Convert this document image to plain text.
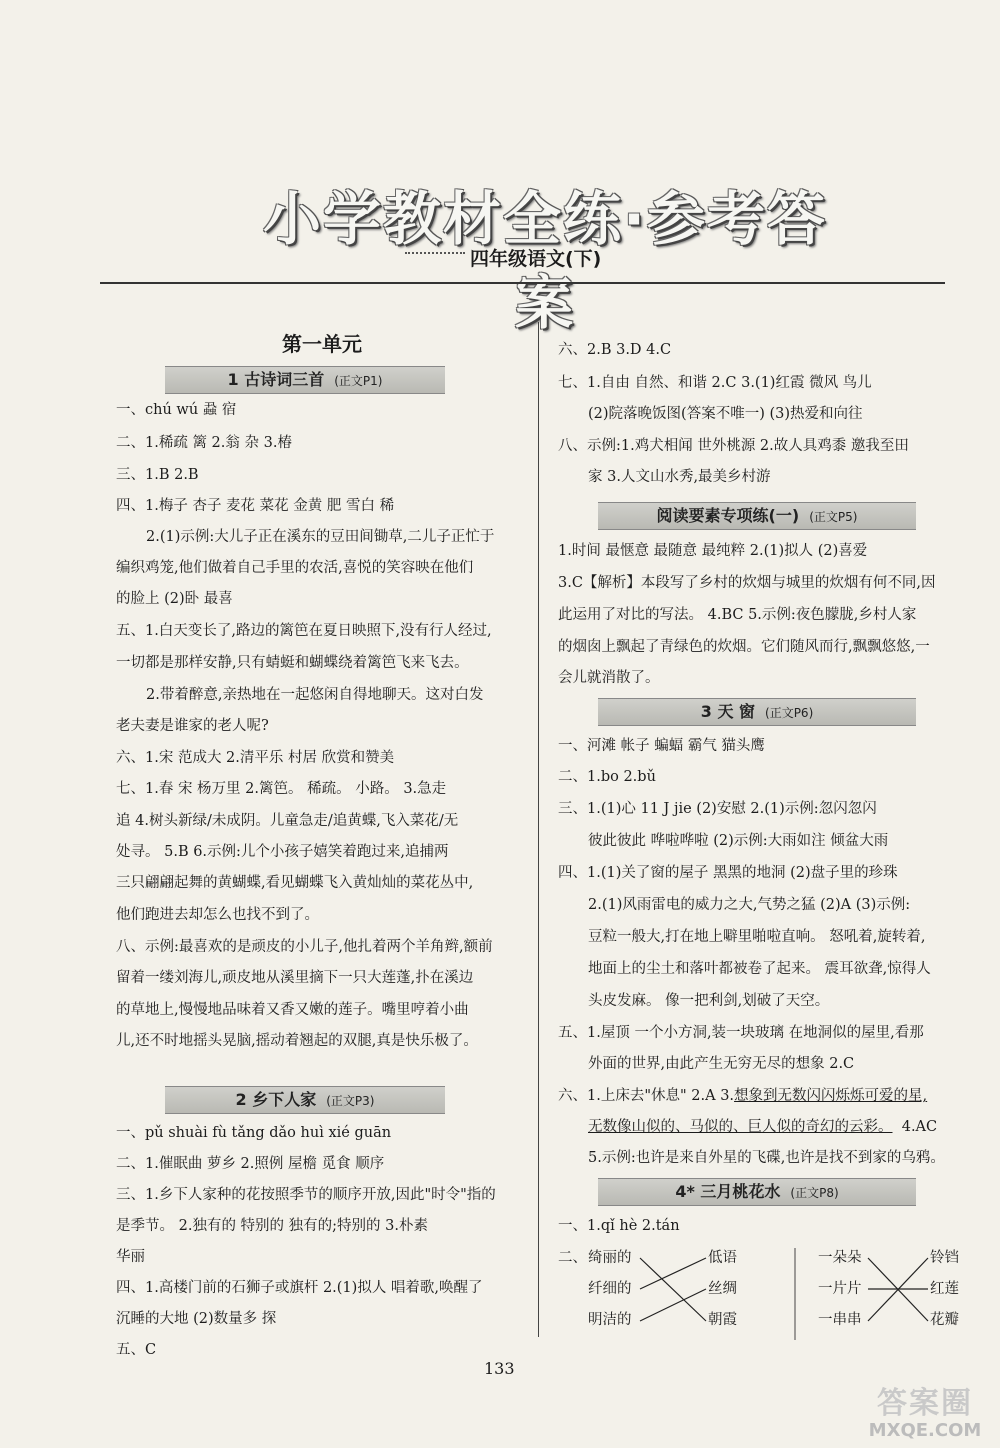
小学教材全练·参考答案
四年级语文(下)
第一单元
1 古诗词三首 (正文P1)
2 乡下人家 (正文P3)
阅读要素专项练(一) (正文P5)
3 天 窗 (正文P6)
4* 三月桃花水 (正文P8)
一、chú wú 蝨 宿
二、1.稀疏 篱 2.翁 杂 3.椿
三、1.B 2.B
四、1.梅子 杏子 麦花 菜花 金黄 肥 雪白 稀
2.(1)示例:大儿子正在溪东的豆田间锄草,二儿子正忙于
编织鸡笼,他们做着自己手里的农活,喜悦的笑容映在他们
的脸上 (2)卧 最喜
五、1.白天变长了,路边的篱笆在夏日映照下,没有行人经过,
一切都是那样安静,只有蜻蜓和蝴蝶绕着篱笆飞来飞去。
2.带着醉意,亲热地在一起悠闲自得地聊天。这对白发
老夫妻是谁家的老人呢?
六、1.宋 范成大 2.清平乐 村居 欣赏和赞美
七、1.春 宋 杨万里 2.篱笆。 稀疏。 小路。 3.急走
追 4.树头新绿/未成阴。儿童急走/追黄蝶,飞入菜花/无
处寻。 5.B 6.示例:儿个小孩子嬉笑着跑过来,追捕两
三只翩翩起舞的黄蝴蝶,看见蝴蝶飞入黄灿灿的菜花丛中,
他们跑进去却怎么也找不到了。
八、示例:最喜欢的是顽皮的小儿子,他扎着两个羊角辫,额前
留着一缕刘海儿,顽皮地从溪里摘下一只大莲蓬,扑在溪边
的草地上,慢慢地品味着又香又嫩的莲子。嘴里哼着小曲
儿,还不时地摇头晃脑,摇动着翘起的双腿,真是快乐极了。
一、pǔ shuài fù tǎng dǎo huì xié guān
二、1.催眠曲 萝乡 2.照例 屋檐 觅食 顺序
三、1.乡下人家种的花按照季节的顺序开放,因此"时令"指的
是季节。 2.独有的 特别的 独有的;特别的 3.朴素
华丽
四、1.高楼门前的石狮子或旗杆 2.(1)拟人 唱着歌,唤醒了
沉睡的大地 (2)数量多 探
五、C
六、2.B 3.D 4.C
七、1.自由 自然、和谐 2.C 3.(1)红霞 微风 鸟儿
(2)院落晚饭图(答案不唯一) (3)热爱和向往
八、示例:1.鸡犬相闻 世外桃源 2.故人具鸡黍 邀我至田
家 3.人文山水秀,最美乡村游
1.时间 最惬意 最随意 最纯粹 2.(1)拟人 (2)喜爱
3.C【解析】本段写了乡村的炊烟与城里的炊烟有何不同,因
此运用了对比的写法。 4.BC 5.示例:夜色朦胧,乡村人家
的烟囱上飘起了青绿色的炊烟。它们随风而行,飘飘悠悠,一
会儿就消散了。
一、河滩 帐子 蝙蝠 霸气 猫头鹰
二、1.bo 2.bǔ
三、1.(1)心 11 J jie (2)安慰 2.(1)示例:忽闪忽闪
彼此彼此 哗啦哗啦 (2)示例:大雨如注 倾盆大雨
四、1.(1)关了窗的屋子 黑黑的地洞 (2)盘子里的珍珠
2.(1)风雨雷电的威力之大,气势之猛 (2)A (3)示例:
豆粒一般大,打在地上噼里啪啦直响。 怒吼着,旋转着,
地面上的尘土和落叶都被卷了起来。 震耳欲聋,惊得人
头皮发麻。 像一把利剑,划破了天空。
五、1.屋顶 一个小方洞,装一块玻璃 在地洞似的屋里,看那
外面的世界,由此产生无穷无尽的想象 2.C
六、1.上床去"休息" 2.A 3.想象到无数闪闪烁烁可爱的星,
无数像山似的、马似的、巨人似的奇幻的云彩。 4.AC
5.示例:也许是来自外星的飞碟,也许是找不到家的乌鸦。
一、1.qǐ hè 2.tán
二、 绮丽的
纤细的
明洁的
低语
丝绸
朝霞
一朵朵
一片片
一串串
铃铛
红莲
花瓣
133
答案圈
MXQE.COM
